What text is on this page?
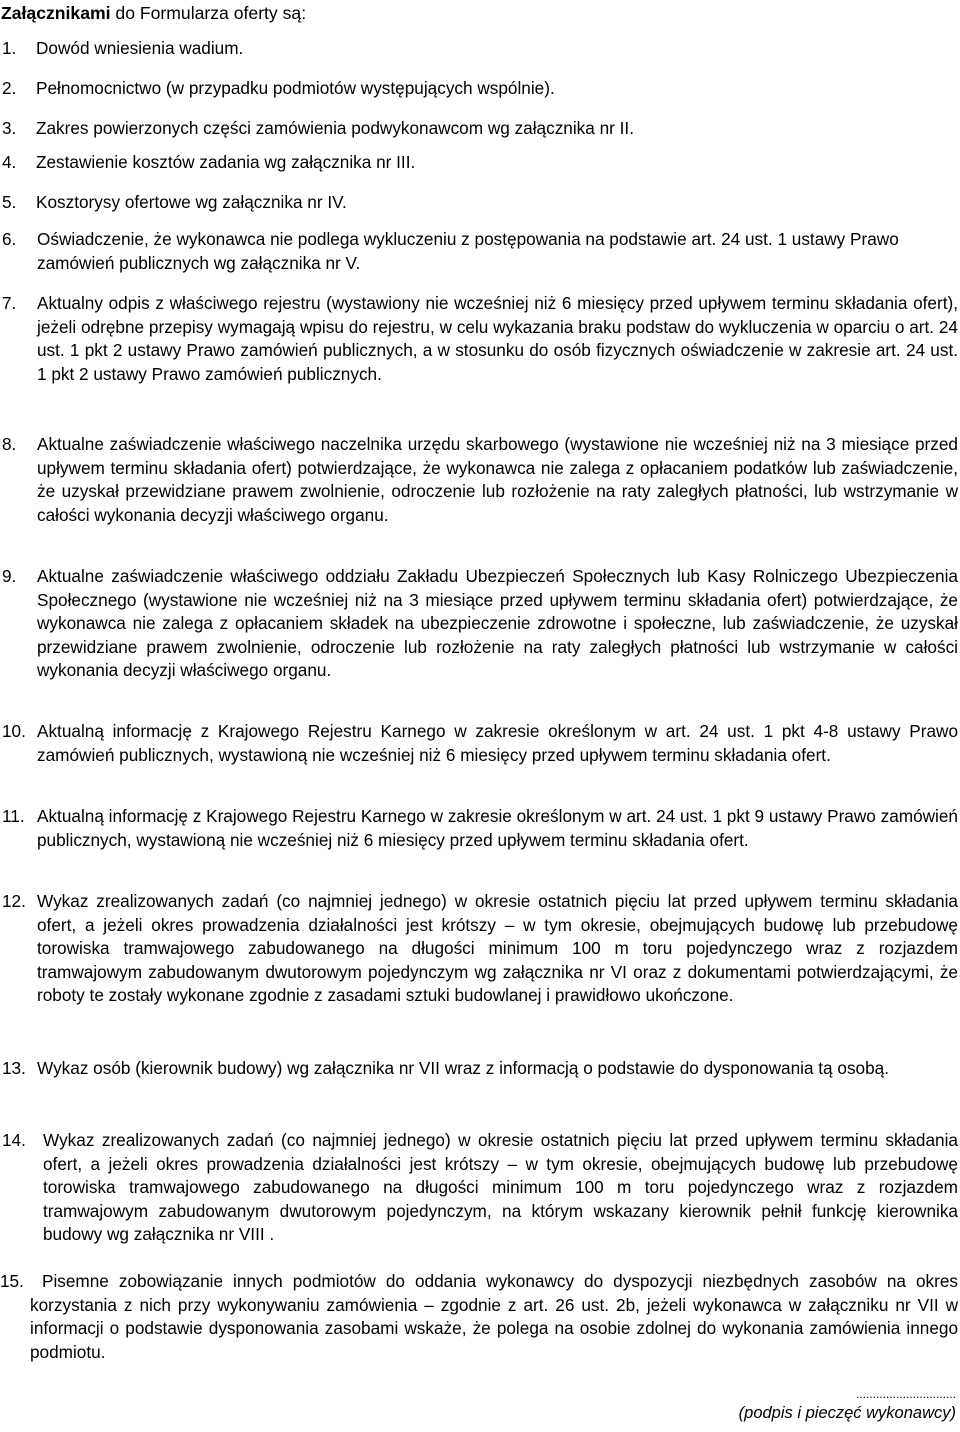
Załącznikami do Formularza oferty są:
1. Dowód wniesienia wadium.
2. Pełnomocnictwo (w przypadku podmiotów występujących wspólnie).
3. Zakres powierzonych części zamówienia podwykonawcom wg załącznika nr II.
4. Zestawienie kosztów zadania wg załącznika nr III.
5. Kosztorysy ofertowe wg załącznika nr IV.
6. Oświadczenie, że wykonawca nie podlega wykluczeniu z postępowania na podstawie art. 24 ust. 1 ustawy Prawo zamówień publicznych wg załącznika nr V.
7. Aktualny odpis z właściwego rejestru (wystawiony nie wcześniej niż 6 miesięcy przed upływem terminu składania ofert), jeżeli odrębne przepisy wymagają wpisu do rejestru, w celu wykazania braku podstaw do wykluczenia w oparciu o art. 24 ust. 1 pkt 2 ustawy Prawo zamówień publicznych, a w stosunku do osób fizycznych oświadczenie w zakresie art. 24 ust. 1 pkt 2 ustawy Prawo zamówień publicznych.
8. Aktualne zaświadczenie właściwego naczelnika urzędu skarbowego (wystawione nie wcześniej niż na 3 miesiące przed upływem terminu składania ofert) potwierdzające, że wykonawca nie zalega z opłacaniem podatków lub zaświadczenie, że uzyskał przewidziane prawem zwolnienie, odroczenie lub rozłożenie na raty zaległych płatności, lub wstrzymanie w całości wykonania decyzji właściwego organu.
9. Aktualne zaświadczenie właściwego oddziału Zakładu Ubezpieczeń Społecznych lub Kasy Rolniczego Ubezpieczenia Społecznego (wystawione nie wcześniej niż na 3 miesiące przed upływem terminu składania ofert) potwierdzające, że wykonawca nie zalega z opłacaniem składek na ubezpieczenie zdrowotne i społeczne, lub zaświadczenie, że uzyskał przewidziane prawem zwolnienie, odroczenie lub rozłożenie na raty zaległych płatności lub wstrzymanie w całości wykonania decyzji właściwego organu.
10. Aktualną informację z Krajowego Rejestru Karnego w zakresie określonym w art. 24 ust. 1 pkt 4-8 ustawy Prawo zamówień publicznych, wystawioną nie wcześniej niż 6 miesięcy przed upływem terminu składania ofert.
11. Aktualną informację z Krajowego Rejestru Karnego w zakresie określonym w art. 24 ust. 1 pkt 9 ustawy Prawo zamówień publicznych, wystawioną nie wcześniej niż 6 miesięcy przed upływem terminu składania ofert.
12. Wykaz zrealizowanych zadań (co najmniej jednego) w okresie ostatnich pięciu lat przed upływem terminu składania ofert, a jeżeli okres prowadzenia działalności jest krótszy – w tym okresie, obejmujących budowę lub przebudowę torowiska tramwajowego zabudowanego na długości minimum 100 m toru pojedynczego wraz z rozjazdem tramwajowym zabudowanym dwutorowym pojedynczym wg załącznika nr VI oraz z dokumentami potwierdzającymi, że roboty te zostały wykonane zgodnie z zasadami sztuki budowlanej i prawidłowo ukończone.
13. Wykaz osób (kierownik budowy) wg załącznika nr VII wraz z informacją o podstawie do dysponowania tą osobą.
14. Wykaz zrealizowanych zadań (co najmniej jednego) w okresie ostatnich pięciu lat przed upływem terminu składania ofert, a jeżeli okres prowadzenia działalności jest krótszy – w tym okresie, obejmujących budowę lub przebudowę torowiska tramwajowego zabudowanego na długości minimum 100 m toru pojedynczego wraz z rozjazdem tramwajowym zabudowanym dwutorowym pojedynczym, na którym wskazany kierownik pełnił funkcję kierownika budowy wg załącznika nr VIII .
15.	Pisemne zobowiązanie innych podmiotów do oddania wykonawcy do dyspozycji niezbędnych zasobów na okres korzystania z nich przy wykonywaniu zamówienia – zgodnie z art. 26 ust. 2b, jeżeli wykonawca w załączniku nr VII w informacji o podstawie dysponowania zasobami wskaże, że polega na osobie zdolnej do wykonania zamówienia innego podmiotu.
..............................
(podpis i pieczęć wykonawcy)
